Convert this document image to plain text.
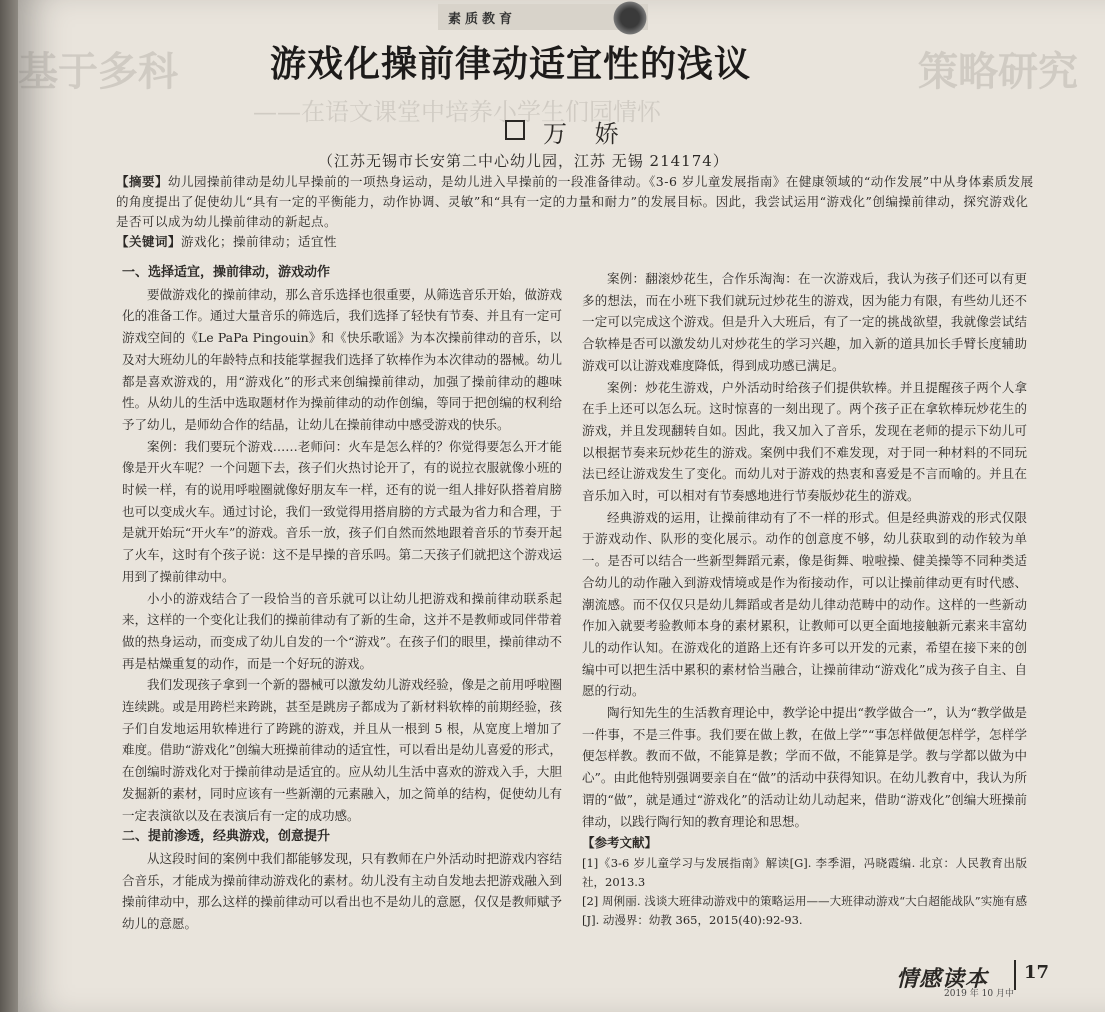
基于多科	策略研究
——在语文课堂中培养小学生们园情怀
素质教育
游戏化操前律动适宜性的浅议
万 娇
（江苏无锡市长安第二中心幼儿园，江苏 无锡 214174）
【摘要】幼儿园操前律动是幼儿早操前的一项热身运动，是幼儿进入早操前的一段准备律动。《3-6 岁儿童发展指南》在健康领域的“动作发展”中从身体素质发展的角度提出了促使幼儿“具有一定的平衡能力，动作协调、灵敏”和“具有一定的力量和耐力”的发展目标。因此，我尝试运用“游戏化”创编操前律动，探究游戏化是否可以成为幼儿操前律动的新起点。
【关键词】游戏化；操前律动；适宜性
一、选择适宜，操前律动，游戏动作

要做游戏化的操前律动，那么音乐选择也很重要，从筛选音乐开始，做游戏化的准备工作。通过大量音乐的筛选后，我们选择了轻快有节奏、并且有一定可游戏空间的《Le PaPa Pingouin》和《快乐歌谣》为本次操前律动的音乐，以及对大班幼儿的年龄特点和技能掌握我们选择了软棒作为本次律动的器械。幼儿都是喜欢游戏的，用“游戏化”的形式来创编操前律动，加强了操前律动的趣味性。从幼儿的生活中选取题材作为操前律动的动作创编，等同于把创编的权利给予了幼儿，是师幼合作的结晶，让幼儿在操前律动中感受游戏的快乐。

案例：我们要玩个游戏……老师问：火车是怎么样的？你觉得要怎么开才能像是开火车呢？一个问题下去，孩子们火热讨论开了，有的说拉衣服就像小班的时候一样，有的说用呼啦圈就像好朋友车一样，还有的说一组人排好队搭着肩膀也可以变成火车。通过讨论，我们一致觉得用搭肩膀的方式最为省力和合理，于是就开始玩“开火车”的游戏。音乐一放，孩子们自然而然地跟着音乐的节奏开起了火车，这时有个孩子说：这不是早操的音乐吗。第二天孩子们就把这个游戏运用到了操前律动中。

小小的游戏结合了一段恰当的音乐就可以让幼儿把游戏和操前律动联系起来，这样的一个变化让我们的操前律动有了新的生命，这并不是教师或同伴带着做的热身运动，而变成了幼儿自发的一个“游戏”。在孩子们的眼里，操前律动不再是枯燥重复的动作，而是一个好玩的游戏。

我们发现孩子拿到一个新的器械可以激发幼儿游戏经验，像是之前用呼啦圈连续跳。或是用跨栏来跨跳，甚至是跳房子都成为了新材料软棒的前期经验，孩子们自发地运用软棒进行了跨跳的游戏，并且从一根到 5 根，从宽度上增加了难度。借助“游戏化”创编大班操前律动的适宜性，可以看出是幼儿喜爱的形式，在创编时游戏化对于操前律动是适宜的。应从幼儿生活中喜欢的游戏入手，大胆发掘新的素材，同时应该有一些新潮的元素融入，加之简单的结构，促使幼儿有一定表演欲以及在表演后有一定的成功感。

二、提前渗透，经典游戏，创意提升

从这段时间的案例中我们都能够发现，只有教师在户外活动时把游戏内容结合音乐，才能成为操前律动游戏化的素材。幼儿没有主动自发地去把游戏融入到操前律动中，那么这样的操前律动可以看出也不是幼儿的意愿，仅仅是教师赋予幼儿的意愿。

案例：翻滚炒花生，合作乐淘淘：在一次游戏后，我认为孩子们还可以有更多的想法，而在小班下我们就玩过炒花生的游戏，因为能力有限，有些幼儿还不一定可以完成这个游戏。但是升入大班后，有了一定的挑战欲望，我就像尝试结合软棒是否可以激发幼儿对炒花生的学习兴趣，加入新的道具加长手臂长度辅助游戏可以让游戏难度降低，得到成功感已满足。

案例：炒花生游戏，户外活动时给孩子们提供软棒。并且提醒孩子两个人拿在手上还可以怎么玩。这时惊喜的一刻出现了。两个孩子正在拿软棒玩炒花生的游戏，并且发现翻转自如。因此，我又加入了音乐，发现在老师的提示下幼儿可以根据节奏来玩炒花生的游戏。案例中我们不难发现，对于同一种材料的不同玩法已经让游戏发生了变化。而幼儿对于游戏的热衷和喜爱是不言而喻的。并且在音乐加入时，可以相对有节奏感地进行节奏版炒花生的游戏。

经典游戏的运用，让操前律动有了不一样的形式。但是经典游戏的形式仅限于游戏动作、队形的变化展示。动作的创意度不够，幼儿获取到的动作较为单一。是否可以结合一些新型舞蹈元素，像是街舞、啦啦操、健美操等不同种类适合幼儿的动作融入到游戏情境或是作为衔接动作，可以让操前律动更有时代感、潮流感。而不仅仅只是幼儿舞蹈或者是幼儿律动范畴中的动作。这样的一些新动作加入就要考验教师本身的素材累积，让教师可以更全面地接触新元素来丰富幼儿的动作认知。在游戏化的道路上还有许多可以开发的元素，希望在接下来的创编中可以把生活中累积的素材恰当融合，让操前律动“游戏化”成为孩子自主、自愿的行动。

陶行知先生的生活教育理论中，教学论中提出“教学做合一”，认为“教学做是一件事，不是三件事。我们要在做上教，在做上学”“事怎样做便怎样学，怎样学便怎样教。教而不做，不能算是教；学而不做，不能算是学。教与学都以做为中心”。由此他特别强调要亲自在“做”的活动中获得知识。在幼儿教育中，我认为所谓的“做”，就是通过“游戏化”的活动让幼儿动起来，借助“游戏化”创编大班操前律动，以践行陶行知的教育理论和思想。

【参考文献】

[1]《3-6 岁儿童学习与发展指南》解读[G]. 李季湄，冯晓霞编. 北京：人民教育出版社，2013.3

[2] 周俐丽. 浅谈大班律动游戏中的策略运用——大班律动游戏“大白超能战队”实施有感[J]. 动漫界：幼教 365，2015(40):92-93.

情感读本
2019 年 10 月中
17
